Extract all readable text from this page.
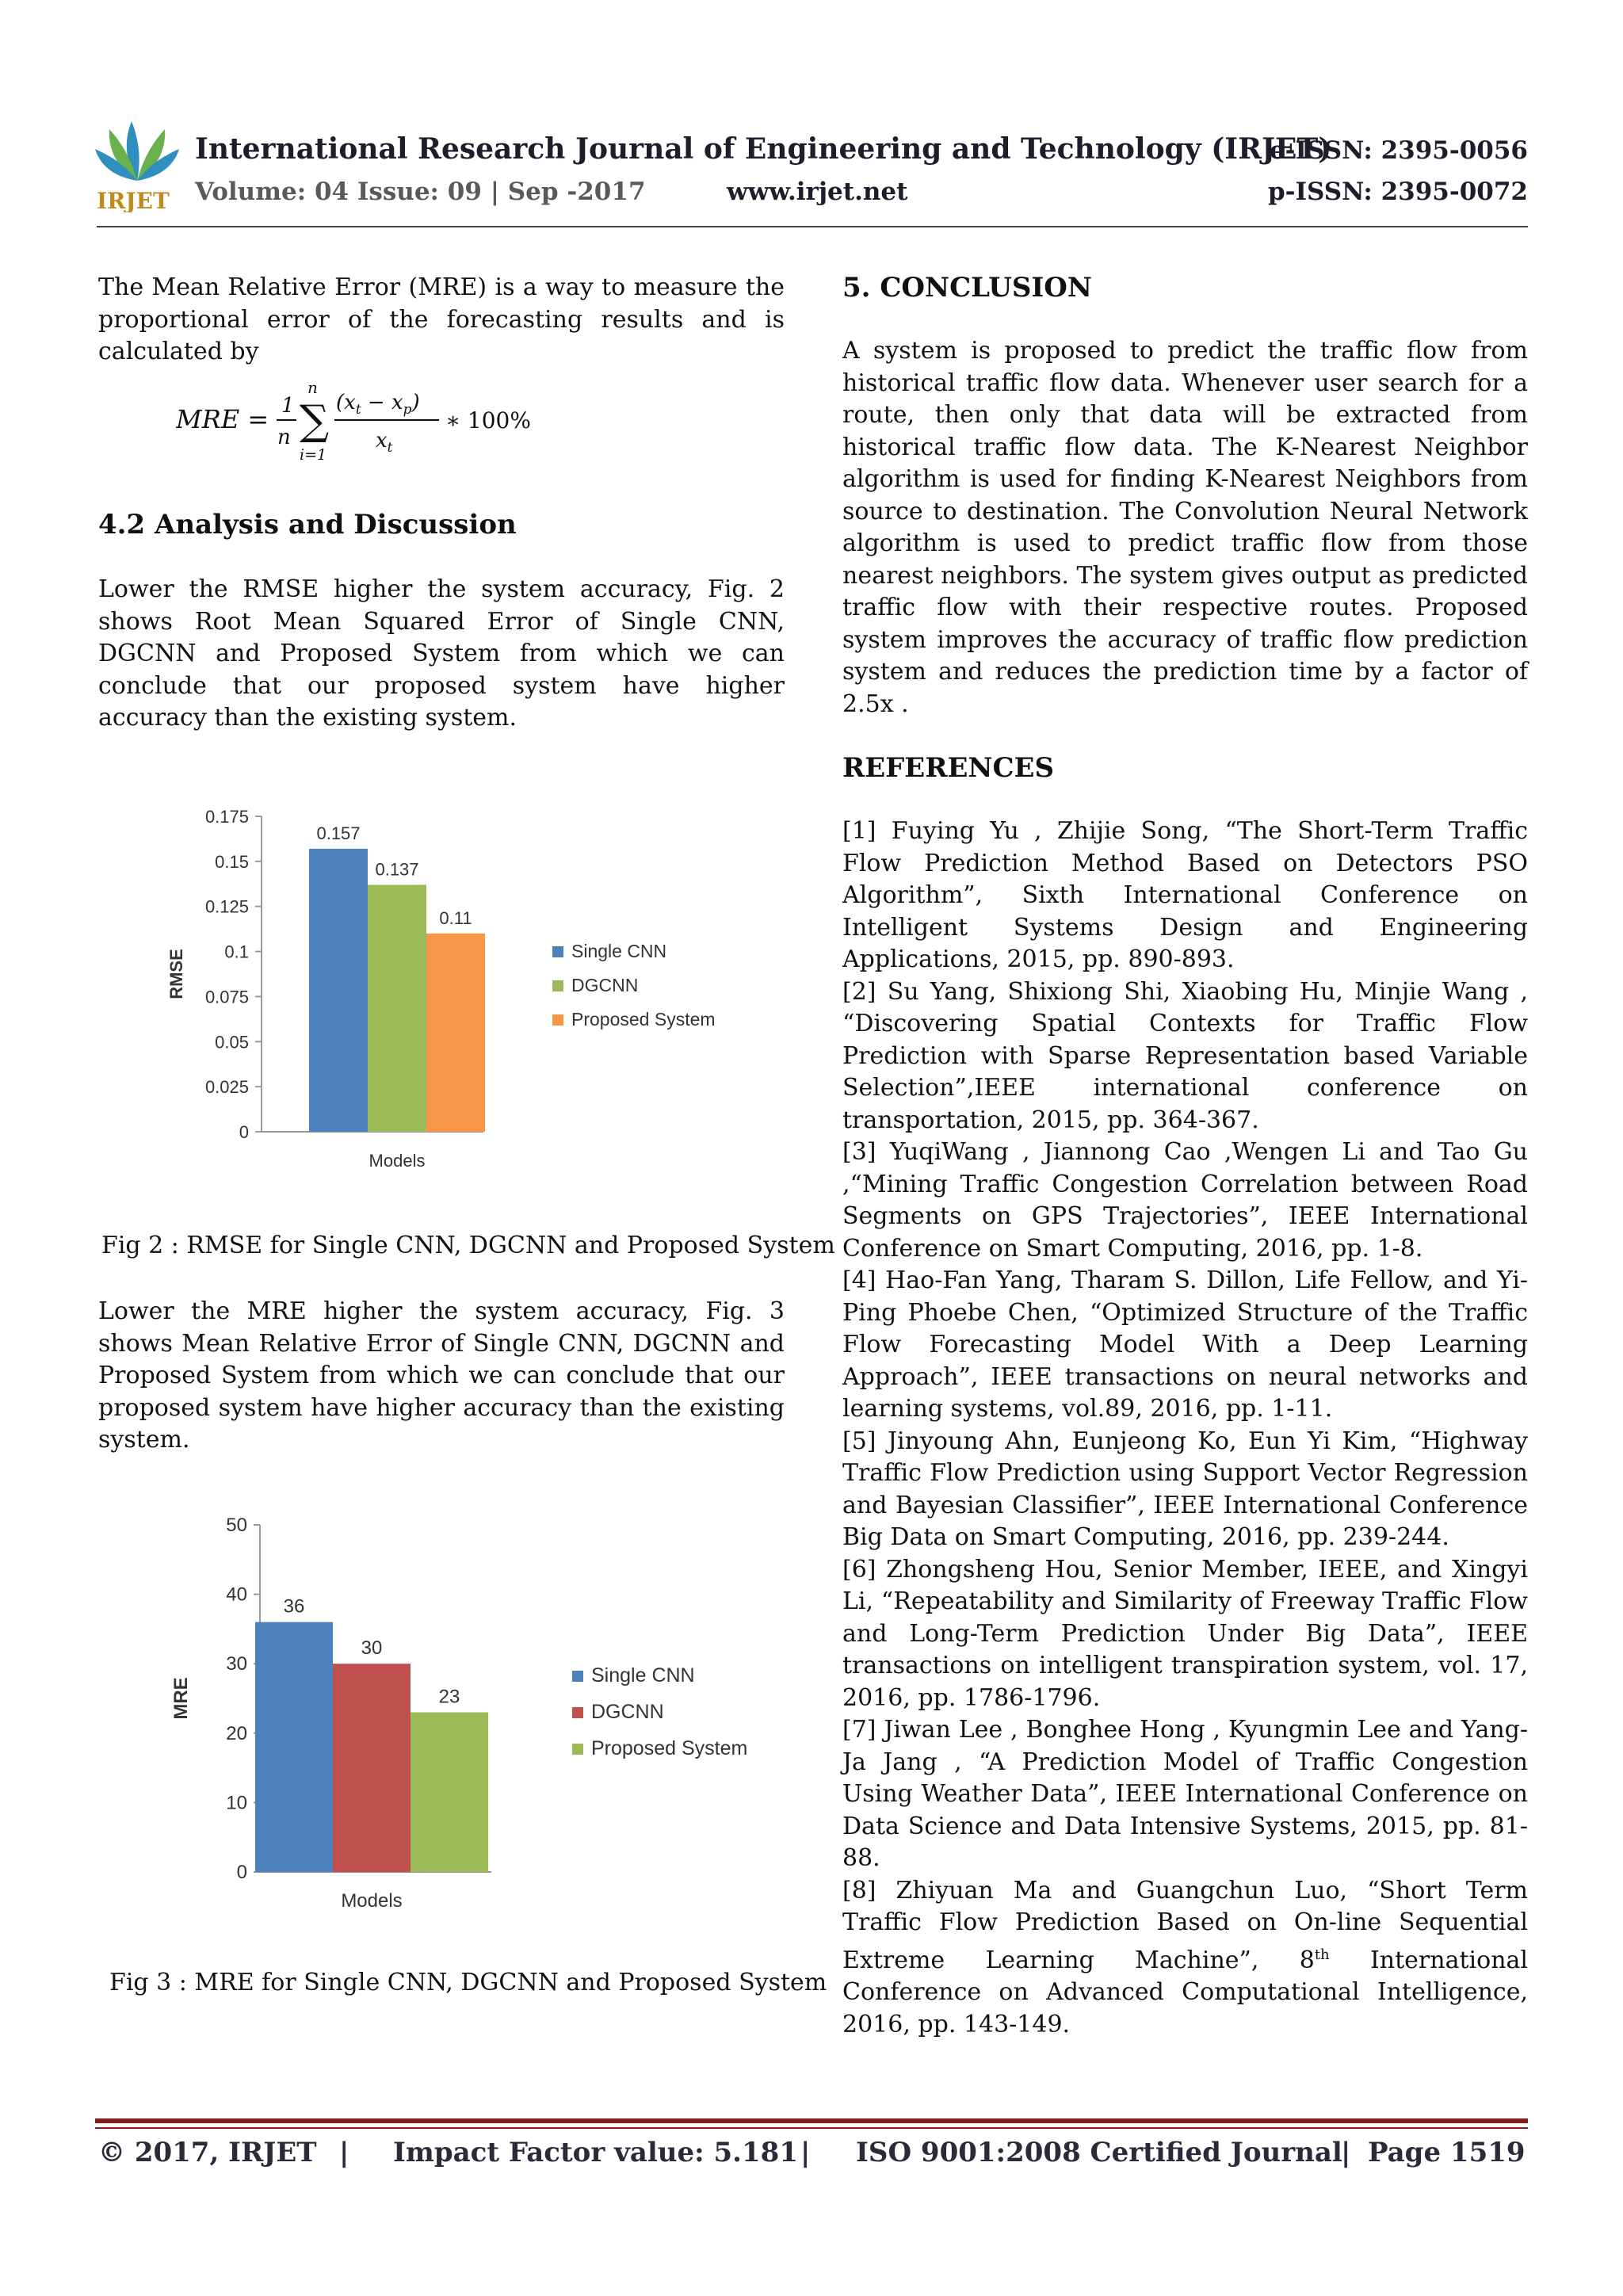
IRJET
International Research Journal of Engineering and Technology (IRJET)
e-ISSN: 2395-0056
Volume: 04 Issue: 09 | Sep -2017	www.irjet.net	p-ISSN: 2395-0072

The Mean Relative Error (MRE) is a way to measure the proportional error of the forecasting results and is calculated by

MRE = 1
n
n
∑
i=1
$(x_t - x_p)$
$x_t$
∗ 100%

4.2 Analysis and Discussion

Lower the RMSE higher the system accuracy, Fig. 2 shows Root Mean Squared Error of Single CNN, DGCNN and Proposed System from which we can conclude that our proposed system have higher accuracy than the existing system.

0
0.025
0.05
0.075
0.1
0.125
0.15
0.175
RMSE
Models
0.157
0.137
0.11
Single CNN
DGCNN
Proposed System
Fig 2 : RMSE for Single CNN, DGCNN and Proposed System

Lower the MRE higher the system accuracy, Fig. 3 shows Mean Relative Error of Single CNN, DGCNN and Proposed System from which we can conclude that our proposed system have higher accuracy than the existing system.

0
10
20
30
40
50
MRE
Models
36
30
23
Single CNN
DGCNN
Proposed System
Fig 3 : MRE for Single CNN, DGCNN and Proposed System

5. CONCLUSION

A system is proposed to predict the traffic flow from historical traffic flow data. Whenever user search for a route, then only that data will be extracted from historical traffic flow data. The K-Nearest Neighbor algorithm is used for finding K-Nearest Neighbors from source to destination. The Convolution Neural Network algorithm is used to predict traffic flow from those nearest neighbors. The system gives output as predicted traffic flow with their respective routes. Proposed system improves the accuracy of traffic flow prediction system and reduces the prediction time by a factor of 2.5x .

REFERENCES

[1] Fuying Yu , Zhijie Song, “The Short-Term Traffic Flow Prediction Method Based on Detectors PSO Algorithm”, Sixth International Conference on Intelligent Systems Design and Engineering Applications, 2015, pp. 890-893.

[2] Su Yang, Shixiong Shi, Xiaobing Hu, Minjie Wang , “Discovering Spatial Contexts for Traffic Flow Prediction with Sparse Representation based Variable Selection”,IEEE international conference on transportation, 2015, pp. 364-367.

[3] YuqiWang , Jiannong Cao ,Wengen Li and Tao Gu ,“Mining Traffic Congestion Correlation between Road Segments on GPS Trajectories”, IEEE International Conference on Smart Computing, 2016, pp. 1-8.

[4] Hao-Fan Yang, Tharam S. Dillon, Life Fellow, and Yi-Ping Phoebe Chen, “Optimized Structure of the Traffic Flow Forecasting Model With a Deep Learning Approach”, IEEE transactions on neural networks and learning systems, vol.89, 2016, pp. 1-11.

[5] Jinyoung Ahn, Eunjeong Ko, Eun Yi Kim, “Highway Traffic Flow Prediction using Support Vector Regression and Bayesian Classifier”, IEEE International Conference Big Data on Smart Computing, 2016, pp. 239-244.

[6] Zhongsheng Hou, Senior Member, IEEE, and Xingyi Li, “Repeatability and Similarity of Freeway Traffic Flow and Long-Term Prediction Under Big Data”, IEEE transactions on intelligent transpiration system, vol. 17, 2016, pp. 1786-1796.

[7] Jiwan Lee , Bonghee Hong , Kyungmin Lee and Yang-Ja Jang , “A Prediction Model of Traffic Congestion Using Weather Data”, IEEE International Conference on Data Science and Data Intensive Systems, 2015, pp. 81-88.

[8] Zhiyuan Ma and Guangchun Luo, “Short Term Traffic Flow Prediction Based on On-line Sequential Extreme Learning Machine”, 8th International Conference on Advanced Computational Intelligence, 2016, pp. 143-149.

© 2017, IRJET | Impact Factor value: 5.181 | ISO 9001:2008 Certified Journal
| Page 1519
